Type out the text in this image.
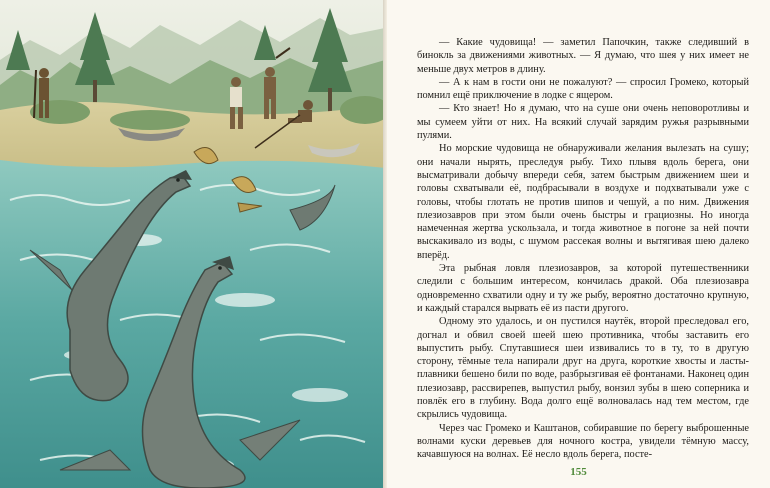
— Какие чудовища! — заметил Папочкин, также следивший в бинокль за движениями животных. — Я думаю, что шея у них имеет не меньше двух метров в длину.

— А к нам в гости они не пожалуют? — спросил Громеко, который помнил ещё приключение в лодке с ящером.

— Кто знает! Но я думаю, что на суше они очень неповоротливы и мы сумеем уйти от них. На всякий случай зарядим ружья разрывными пулями.

Но морские чудовища не обнаруживали желания вылезать на сушу; они начали нырять, преследуя рыбу. Тихо плывя вдоль берега, они высматривали добычу впереди себя, затем быстрым движением шеи и головы схватывали её, подбрасывали в воздухе и подхватывали уже с головы, чтобы глотать не против шипов и чешуй, а по ним. Движения плезиозавров при этом были очень быстры и грациозны. Но иногда намеченная жертва ускользала, и тогда животное в погоне за ней почти выскакивало из воды, с шумом рассекая волны и вытягивая шею далеко вперёд.

Эта рыбная ловля плезиозавров, за которой путешественники следили с большим интересом, кончилась дракой. Оба плезиозавра одновременно схватили одну и ту же рыбу, вероятно достаточно крупную, и каждый старался вырвать её из пасти другого.

Одному это удалось, и он пустился наутёк, второй преследовал его, догнал и обвил своей шеей шею противника, чтобы заставить его выпустить рыбу. Спутавшиеся шеи извивались то в ту, то в другую сторону, тёмные тела напирали друг на друга, короткие хвосты и ласты-плавники бешено били по воде, разбрызгивая её фонтанами. Наконец один плезиозавр, рассвирепев, выпустил рыбу, вонзил зубы в шею соперника и повлёк его в глубину. Вода долго ещё волновалась над тем местом, где скрылись чудовища.

Через час Громеко и Каштанов, собиравшие по берегу выброшенные волнами куски деревьев для ночного костра, увидели тёмную массу, качавшуюся на волнах. Её несло вдоль берега, посте-

155
